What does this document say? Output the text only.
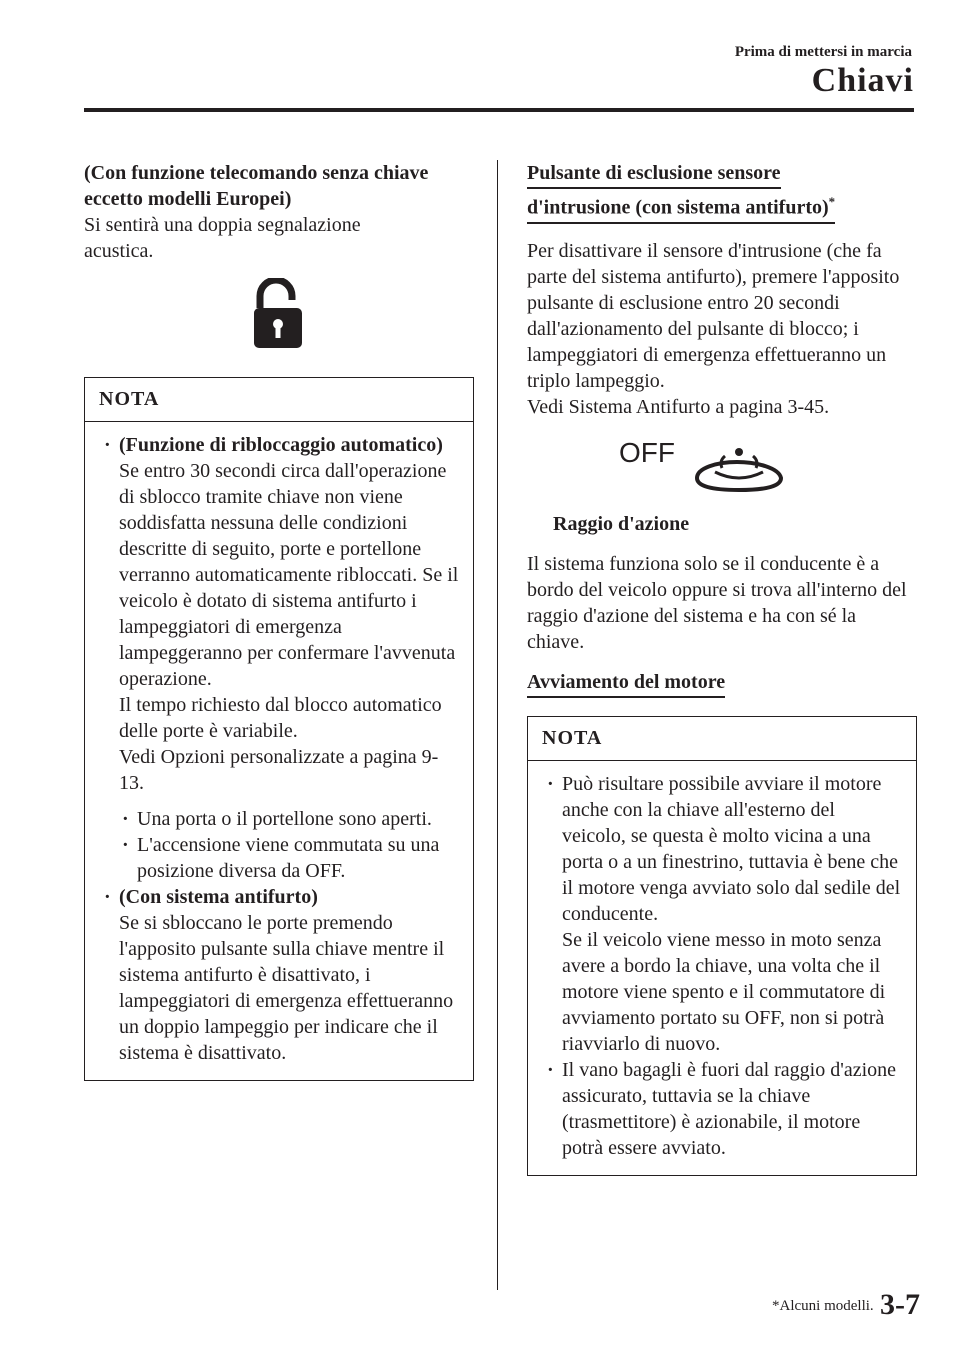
Prima di mettersi in marcia
Chiavi

(Con funzione telecomando senza chiave

eccetto modelli Europei)

Si sentirà una doppia segnalazione acustica.

NOTA

· (Funzione di ribloccaggio automatico)

Se entro 30 secondi circa dall'operazione di sblocco tramite chiave non viene soddisfatta nessuna delle condizioni descritte di seguito, porte e portellone verranno automaticamente ribloccati. Se il veicolo è dotato di sistema antifurto i lampeggiatori di emergenza lampeggeranno per confermare l'avvenuta operazione.

Il tempo richiesto dal blocco automatico delle porte è variabile.

Vedi Opzioni personalizzate a pagina 9-13.

· Una porta o il portellone sono aperti.
· L'accensione viene commutata su una posizione diversa da OFF.

· (Con sistema antifurto)

Se si sbloccano le porte premendo l'apposito pulsante sulla chiave mentre il sistema antifurto è disattivato, i lampeggiatori di emergenza effettueranno un doppio lampeggio per indicare che il sistema è disattivato.

Pulsante di esclusione sensore
d'intrusione (con sistema antifurto)*

Per disattivare il sensore d'intrusione (che fa parte del sistema antifurto), premere l'apposito pulsante di esclusione entro 20 secondi dall'azionamento del pulsante di blocco; i lampeggiatori di emergenza effettueranno un triplo lampeggio.

Vedi Sistema Antifurto a pagina 3-45.

OFF

Raggio d'azione

Il sistema funziona solo se il conducente è a bordo del veicolo oppure si trova all'interno del raggio d'azione del sistema e ha con sé la chiave.

Avviamento del motore
NOTA

· Può risultare possibile avviare il motore anche con la chiave all'esterno del veicolo, se questa è molto vicina a una porta o a un finestrino, tuttavia è bene che il motore venga avviato solo dal sedile del conducente.

Se il veicolo viene messo in moto senza avere a bordo la chiave, una volta che il motore viene spento e il commutatore di avviamento portato su OFF, non si potrà riavviarlo di nuovo.

· Il vano bagagli è fuori dal raggio d'azione assicurato, tuttavia se la chiave (trasmettitore) è azionabile, il motore potrà essere avviato.
*Alcuni modelli. 3-7
